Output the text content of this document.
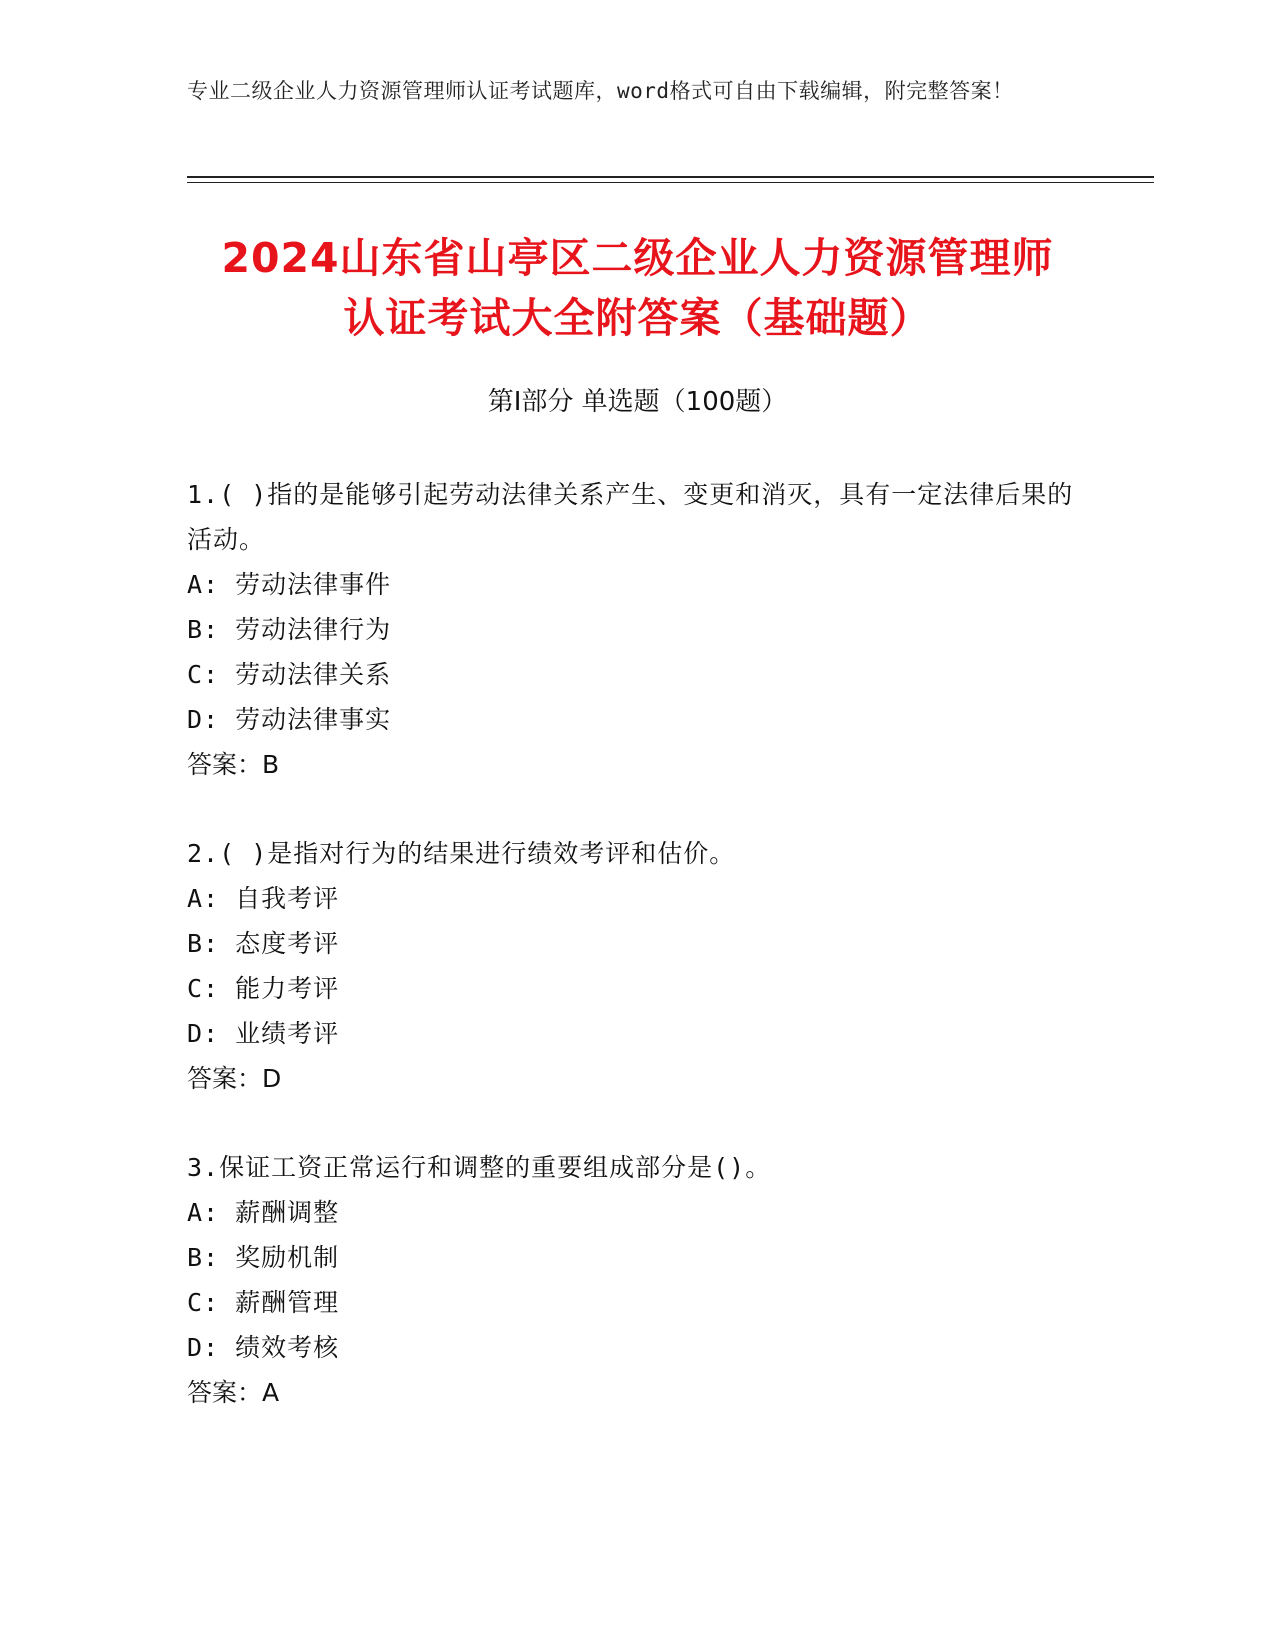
专业二级企业人力资源管理师认证考试题库，word格式可自由下载编辑，附完整答案！
2024山东省山亭区二级企业人力资源管理师
认证考试大全附答案（基础题）
第Ⅰ部分 单选题（100题）
1.( )指的是能够引起劳动法律关系产生、变更和消灭，具有一定法律后果的活动。
A: 劳动法律事件
B: 劳动法律行为
C: 劳动法律关系
D: 劳动法律事实
答案：B
2.( )是指对行为的结果进行绩效考评和估价。
A: 自我考评
B: 态度考评
C: 能力考评
D: 业绩考评
答案：D
3.保证工资正常运行和调整的重要组成部分是()。
A: 薪酬调整
B: 奖励机制
C: 薪酬管理
D: 绩效考核
答案：A
